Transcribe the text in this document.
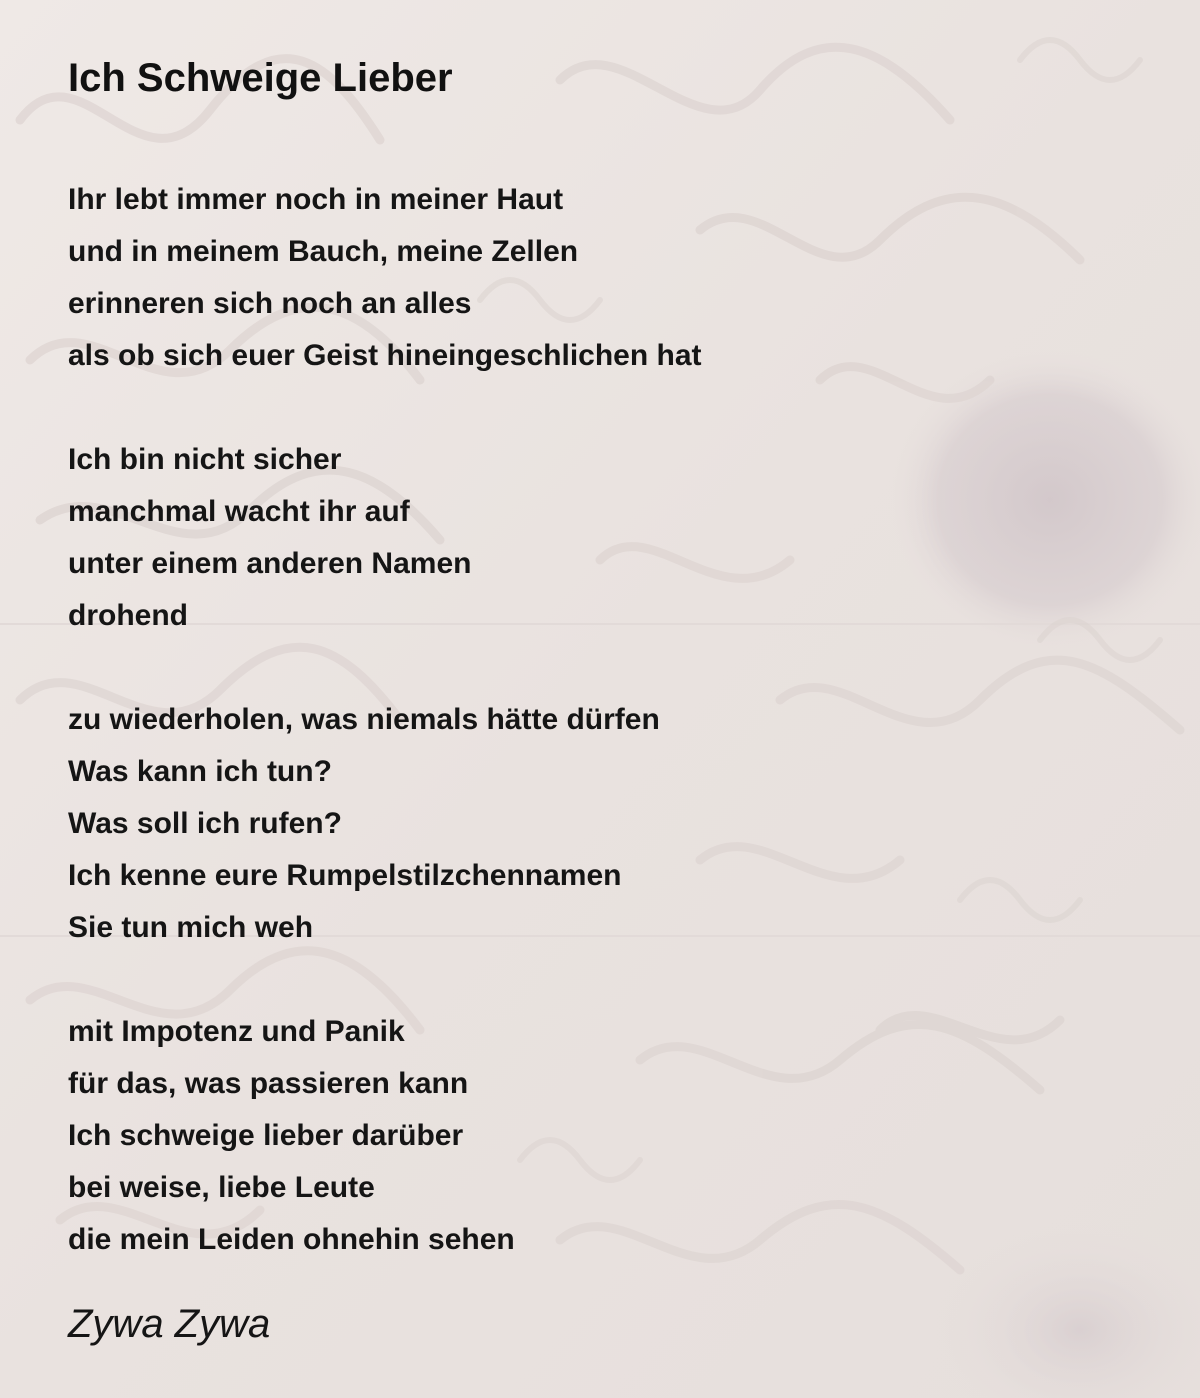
Ich Schweige Lieber
Ihr lebt immer noch in meiner Haut
und in meinem Bauch, meine Zellen
erinneren sich noch an alles
als ob sich euer Geist hineingeschlichen hat
Ich bin nicht sicher
manchmal wacht ihr auf
unter einem anderen Namen
drohend
zu wiederholen, was niemals hätte dürfen
Was kann ich tun?
Was soll ich rufen?
Ich kenne eure Rumpelstilzchennamen
Sie tun mich weh
mit Impotenz und Panik
für das, was passieren kann
Ich schweige lieber darüber
bei weise, liebe Leute
die mein Leiden ohnehin sehen
Zywa Zywa
